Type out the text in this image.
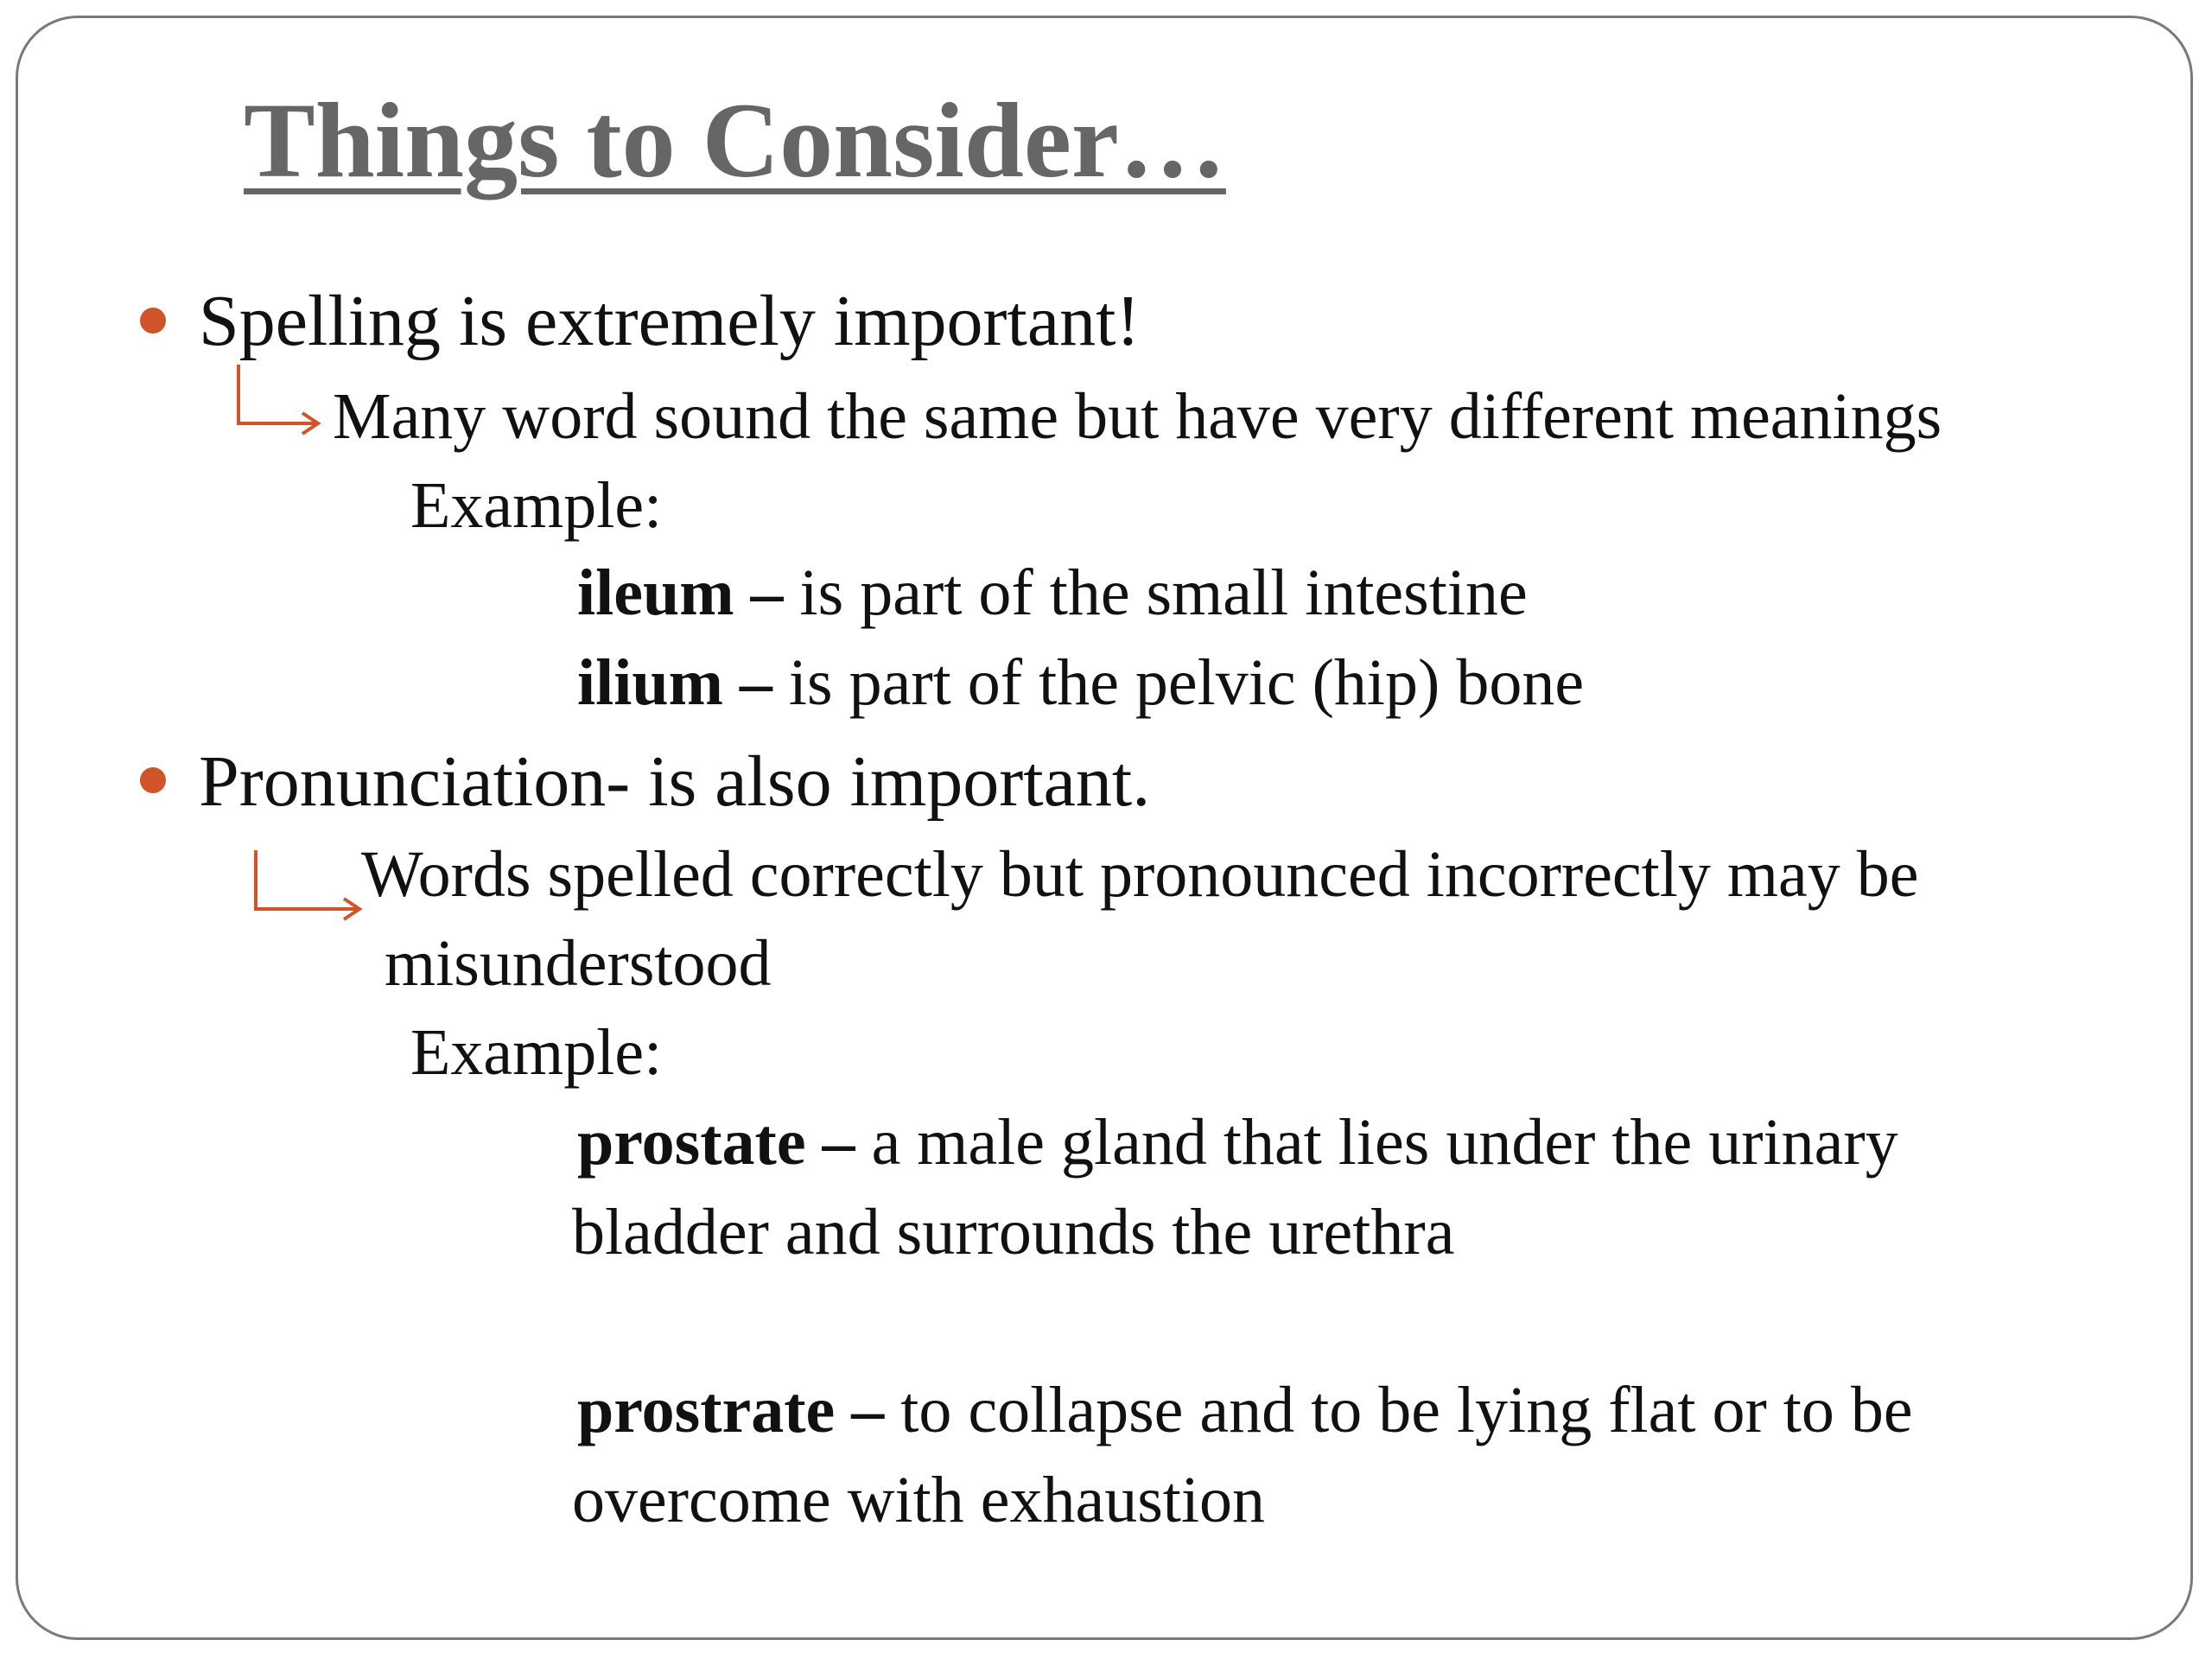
Things to Consider…

Spelling is extremely important!

Many word sound the same but have very different meanings

Example:

ileum – is part of the small intestine

ilium – is part of the pelvic (hip) bone

Pronunciation- is also important.

Words spelled correctly but pronounced incorrectly may be

misunderstood

Example:

prostate – a male gland that lies under the urinary

bladder and surrounds the urethra

prostrate – to collapse and to be lying flat or to be

overcome with exhaustion
